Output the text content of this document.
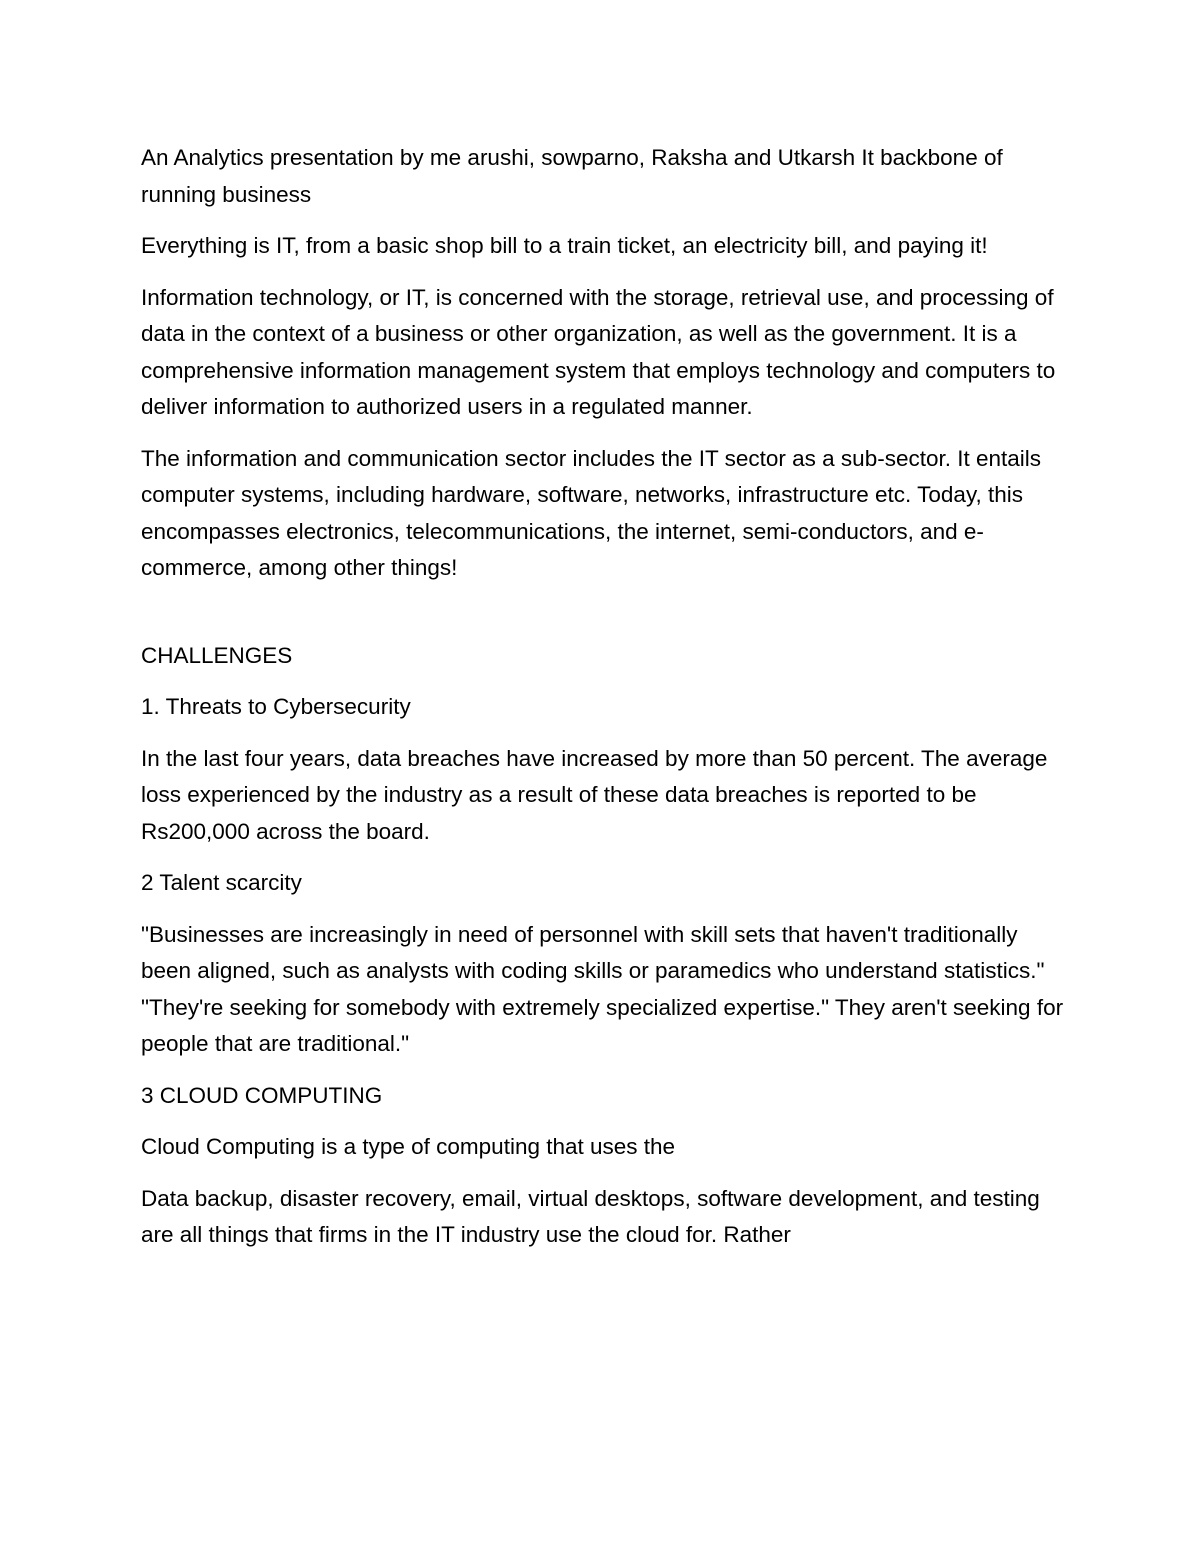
An Analytics presentation by me arushi, sowparno, Raksha and Utkarsh It backbone of running business

Everything is IT, from a basic shop bill to a train ticket, an electricity bill, and paying it!

Information technology, or IT, is concerned with the storage, retrieval use, and processing of data in the context of a business or other organization, as well as the government. It is a comprehensive information management system that employs technology and computers to deliver information to authorized users in a regulated manner.

The information and communication sector includes the IT sector as a sub-sector. It entails computer systems, including hardware, software, networks, infrastructure etc. Today, this encompasses electronics, telecommunications, the internet, semi-conductors, and e-commerce, among other things!

CHALLENGES

1. Threats to Cybersecurity

In the last four years, data breaches have increased by more than 50 percent. The average loss experienced by the industry as a result of these data breaches is reported to be Rs200,000 across the board.

2 Talent scarcity

"Businesses are increasingly in need of personnel with skill sets that haven't traditionally been aligned, such as analysts with coding skills or paramedics who understand statistics." "They're seeking for somebody with extremely specialized expertise." They aren't seeking for people that are traditional."

3 CLOUD COMPUTING

Cloud Computing is a type of computing that uses the

Data backup, disaster recovery, email, virtual desktops, software development, and testing are all things that firms in the IT industry use the cloud for. Rather
